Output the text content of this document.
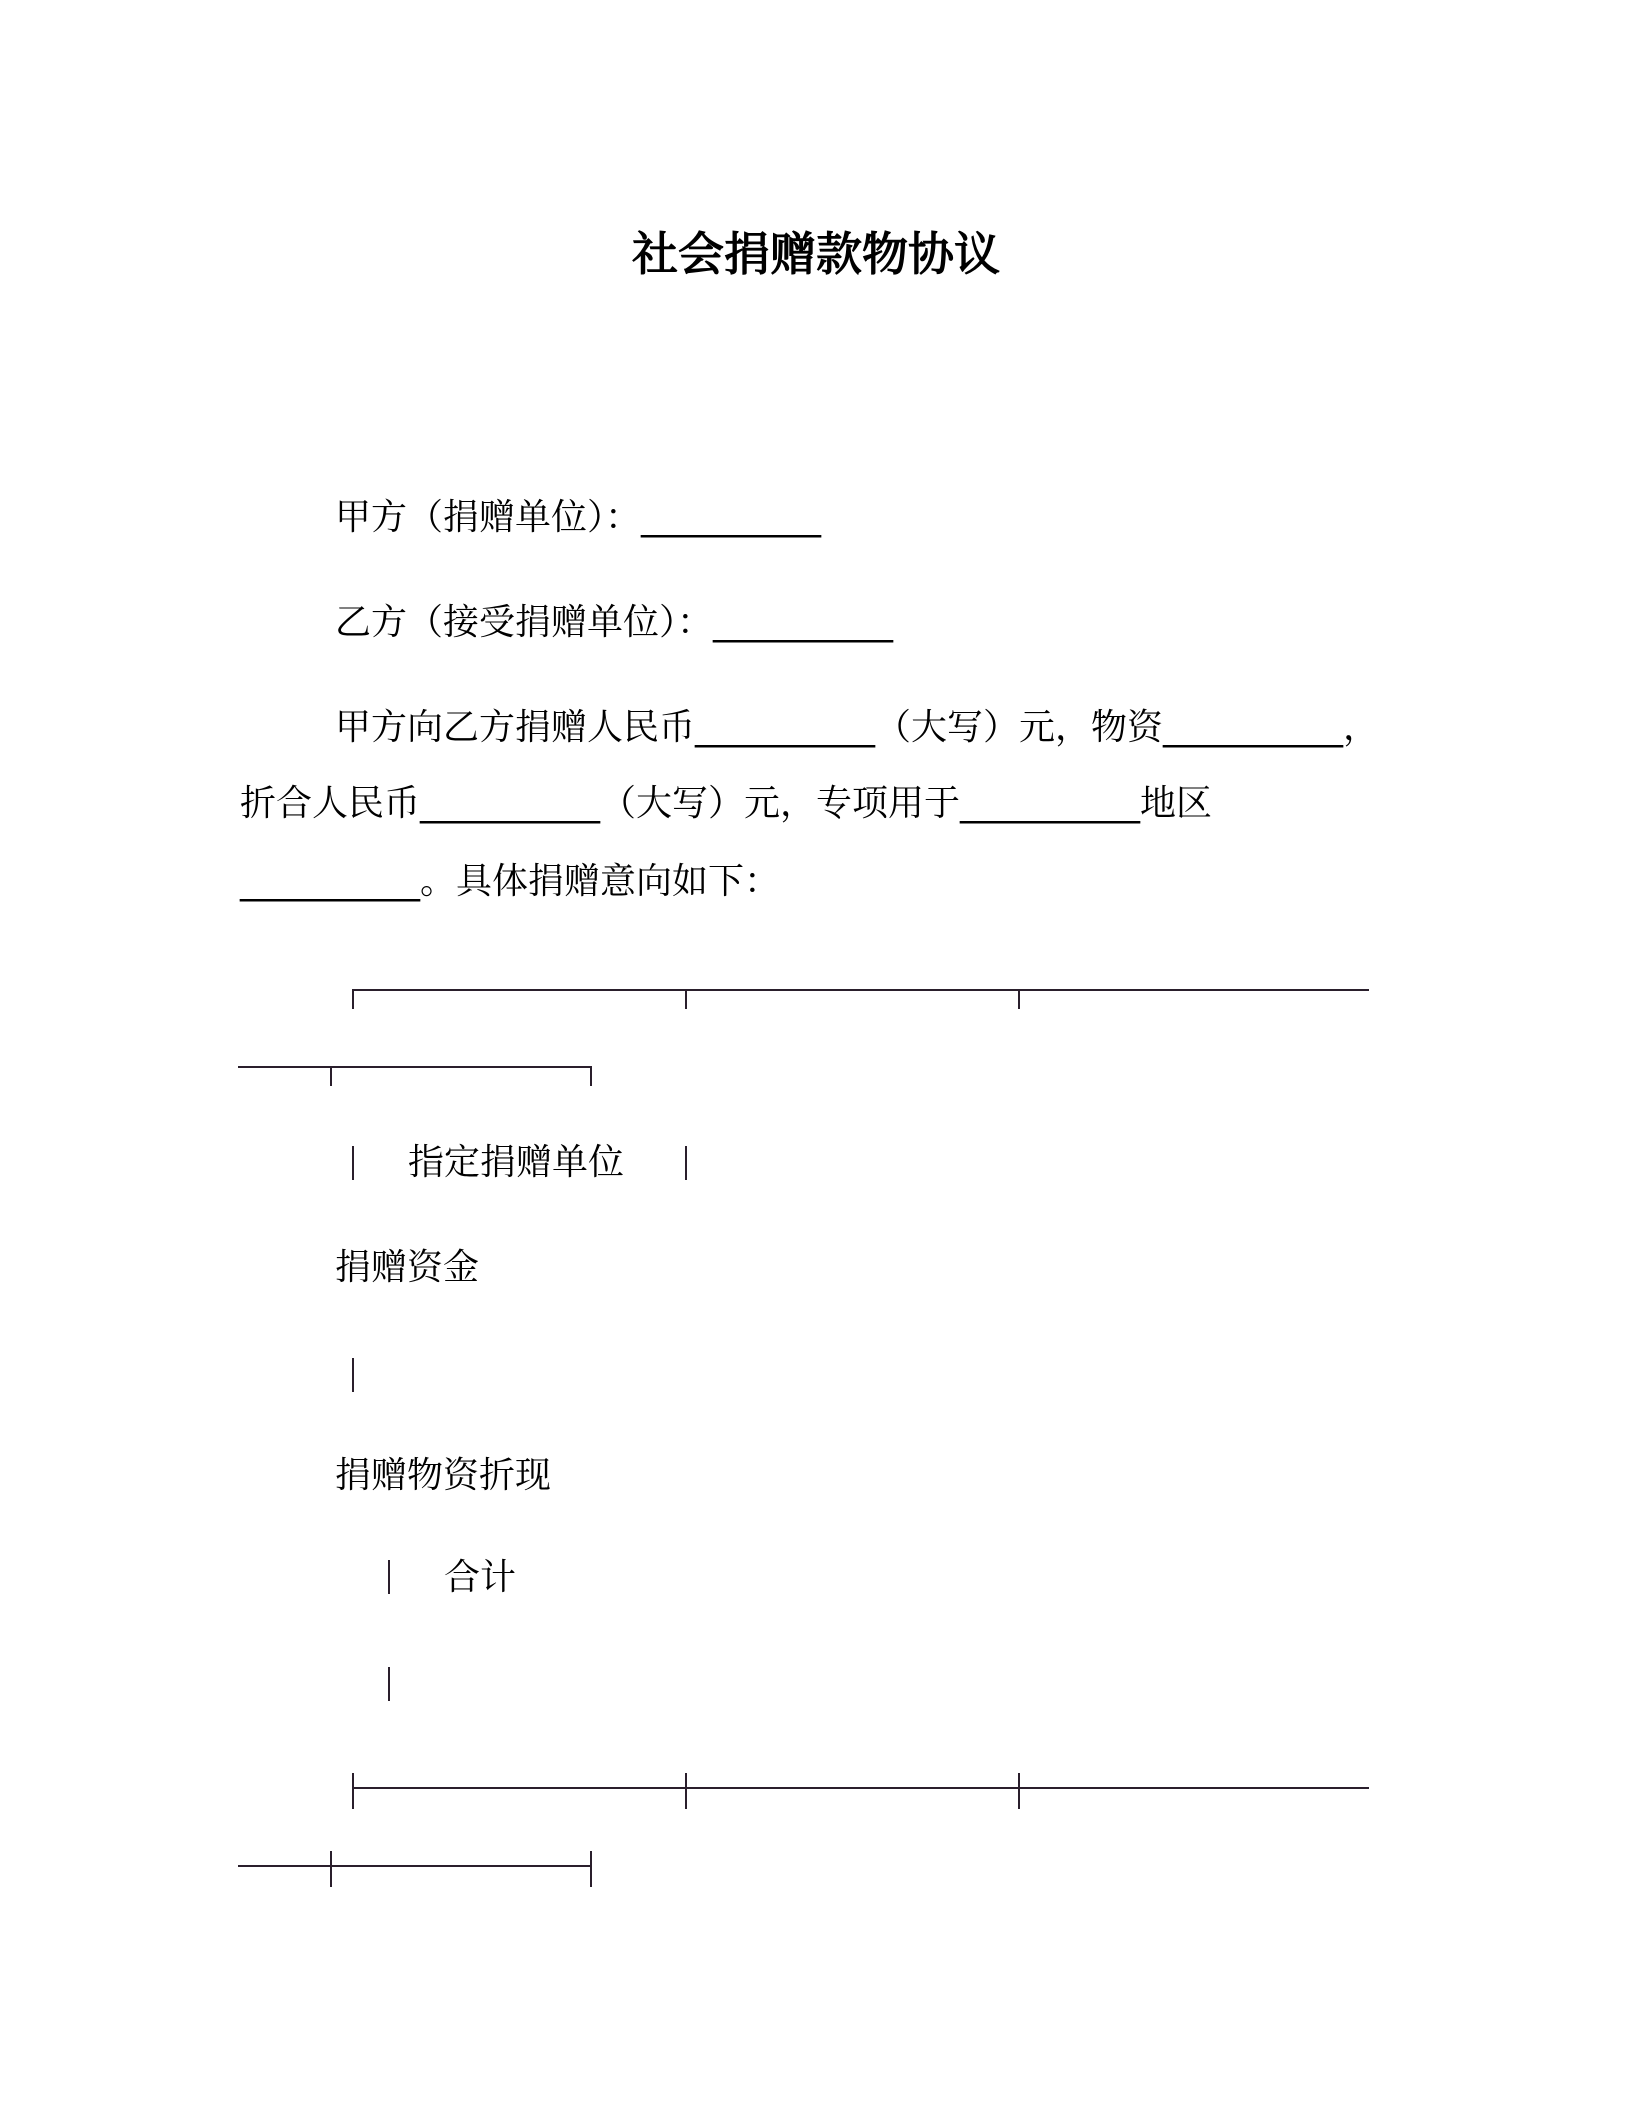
社会捐赠款物协议
甲方（捐赠单位）：__________
乙方（接受捐赠单位）：__________
甲方向乙方捐赠人民币__________（大写）元，物资__________，
折合人民币__________（大写）元，专项用于__________地区
__________。具体捐赠意向如下：
指定捐赠单位
捐赠资金
捐赠物资折现
合计
